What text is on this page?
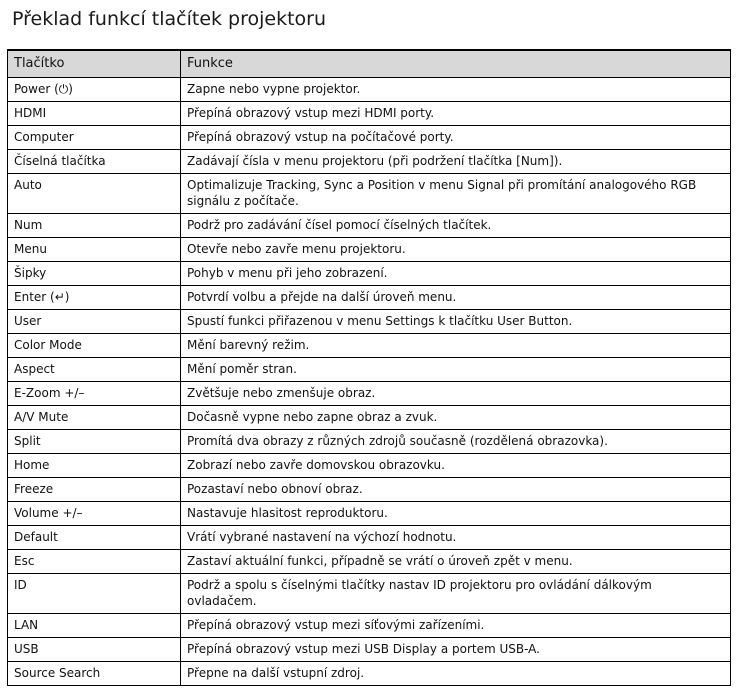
Překlad funkcí tlačítek projektoru
Tlačítko	Funkce
Power (⏻)	Zapne nebo vypne projektor.
HDMI	Přepíná obrazový vstup mezi HDMI porty.
Computer	Přepíná obrazový vstup na počítačové porty.
Číselná tlačítka	Zadávají čísla v menu projektoru (při podržení tlačítka [Num]).
Auto	Optimalizuje Tracking, Sync a Position v menu Signal při promítání analogového RGB signálu z počítače.
Num	Podrž pro zadávání čísel pomocí číselných tlačítek.
Menu	Otevře nebo zavře menu projektoru.
Šipky	Pohyb v menu při jeho zobrazení.
Enter (↵)	Potvrdí volbu a přejde na další úroveň menu.
User	Spustí funkci přiřazenou v menu Settings k tlačítku User Button.
Color Mode	Mění barevný režim.
Aspect	Mění poměr stran.
E-Zoom +/–	Zvětšuje nebo zmenšuje obraz.
A/V Mute	Dočasně vypne nebo zapne obraz a zvuk.
Split	Promítá dva obrazy z různých zdrojů současně (rozdělená obrazovka).
Home	Zobrazí nebo zavře domovskou obrazovku.
Freeze	Pozastaví nebo obnoví obraz.
Volume +/–	Nastavuje hlasitost reproduktoru.
Default	Vrátí vybrané nastavení na výchozí hodnotu.
Esc	Zastaví aktuální funkci, případně se vrátí o úroveň zpět v menu.
ID	Podrž a spolu s číselnými tlačítky nastav ID projektoru pro ovládání dálkovým ovladačem.
LAN	Přepíná obrazový vstup mezi síťovými zařízeními.
USB	Přepíná obrazový vstup mezi USB Display a portem USB-A.
Source Search	Přepne na další vstupní zdroj.
